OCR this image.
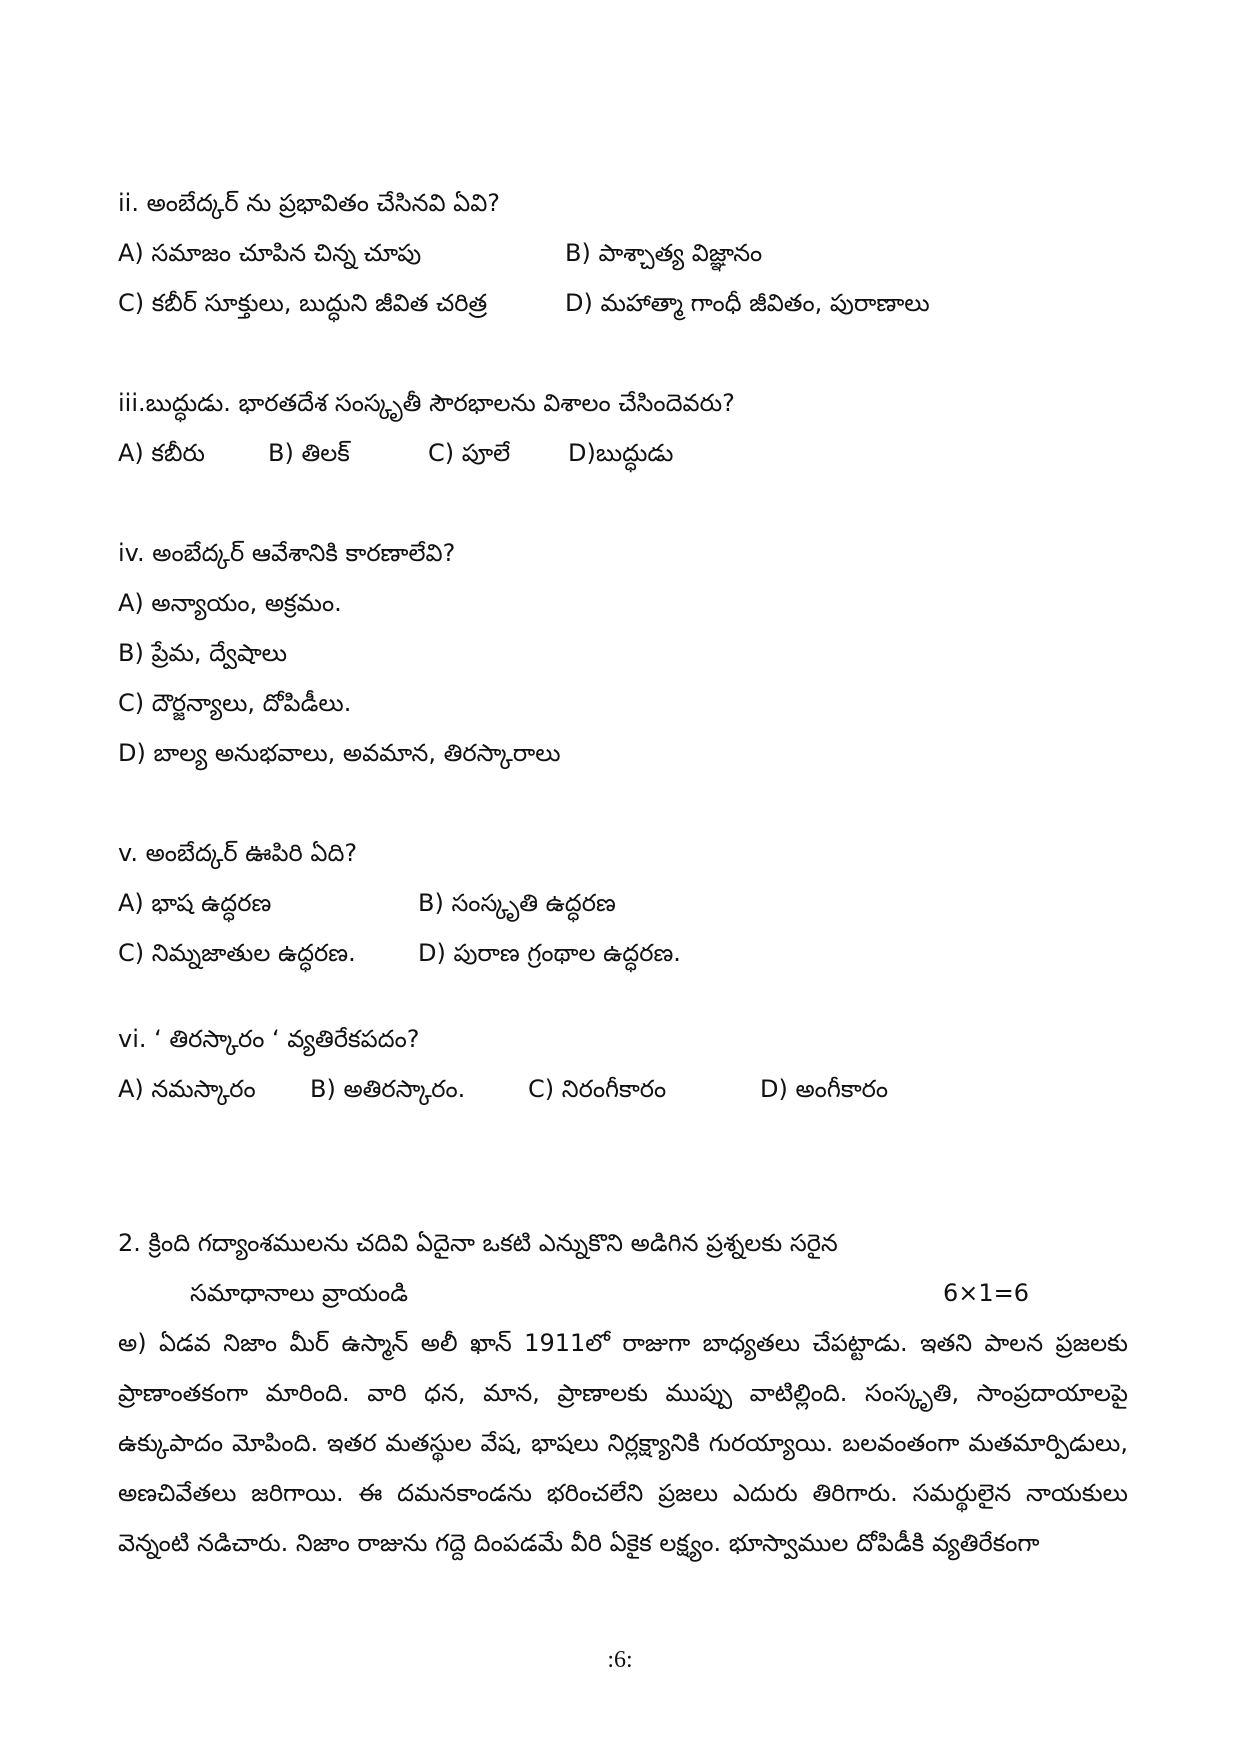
ii. అంబేద్కర్ ను ప్రభావితం చేసినవి ఏవి?
A) సమాజం చూపిన చిన్న చూపు	B) పాశ్చాత్య విజ్ఞానం
C) కబీర్ సూక్తులు, బుద్ధుని జీవిత చరిత్ర	D) మహాత్మా గాంధీ జీవితం, పురాణాలు
iii.బుద్ధుడు. భారతదేశ సంస్కృతీ సౌరభాలను విశాలం చేసిందెవరు?
A) కబీరు	B) తిలక్	C) పూలే D)బుద్ధుడు
iv. అంబేద్కర్ ఆవేశానికి కారణాలేవి?
A) అన్యాయం, అక్రమం.
B) ప్రేమ, ద్వేషాలు
C) దౌర్జన్యాలు, దోపిడీలు.
D) బాల్య అనుభవాలు, అవమాన, తిరస్కారాలు
v. అంబేద్కర్ ఊపిరి ఏది?
A) భాష ఉద్ధరణ	B) సంస్కృతి ఉద్ధరణ
C) నిమ్నజాతుల ఉద్ధరణ.	D) పురాణ గ్రంథాల ఉద్ధరణ.
vi. ‘ తిరస్కారం ‘ వ్యతిరేకపదం?
A) నమస్కారం B) అతిరస్కారం.	C) నిరంగీకారం	D) అంగీకారం
2. క్రింది గద్యాంశములను చదివి ఏదైనా ఒకటి ఎన్నుకొని అడిగిన ప్రశ్నలకు సరైన
సమాధానాలు వ్రాయండి	6×1=6
అ) ఏడవ నిజాం మీర్ ఉస్మాన్ అలీ ఖాన్ 1911లో రాజుగా బాధ్యతలు చేపట్టాడు. ఇతని పాలన ప్రజలకు ప్రాణాంతకంగా మారింది. వారి ధన, మాన, ప్రాణాలకు ముప్పు వాటిల్లింది. సంస్కృతి, సాంప్రదాయాలపై ఉక్కుపాదం మోపింది. ఇతర మతస్థుల వేష, భాషలు నిర్లక్ష్యానికి గురయ్యాయి. బలవంతంగా మతమార్పిడులు, అణచివేతలు జరిగాయి. ఈ దమనకాండను భరించలేని ప్రజలు ఎదురు తిరిగారు. సమర్థులైన నాయకులు వెన్నంటి నడిచారు. నిజాం రాజును గద్దె దింపడమే వీరి ఏకైక లక్ష్యం. భూస్వాముల దోపిడీకి వ్యతిరేకంగా
:6:
